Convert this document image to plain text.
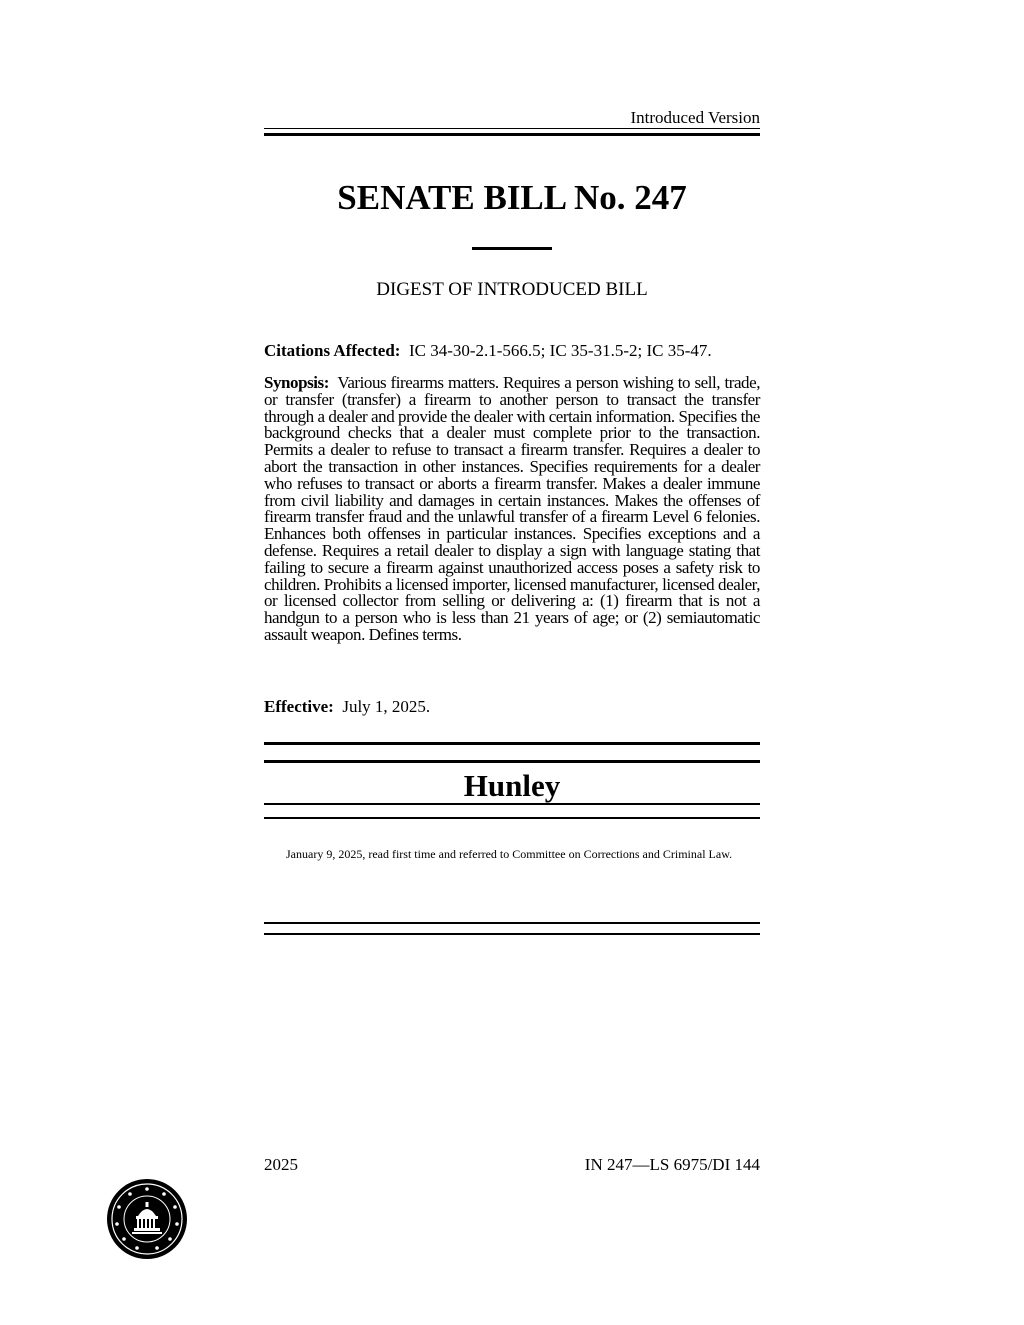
Introduced Version
SENATE BILL No. 247
DIGEST OF INTRODUCED BILL
Citations Affected: IC 34-30-2.1-566.5; IC 35-31.5-2; IC 35-47.
Synopsis: Various firearms matters. Requires a person wishing to sell, trade, or transfer (transfer) a firearm to another person to transact the transfer through a dealer and provide the dealer with certain information. Specifies the background checks that a dealer must complete prior to the transaction. Permits a dealer to refuse to transact a firearm transfer. Requires a dealer to abort the transaction in other instances. Specifies requirements for a dealer who refuses to transact or aborts a firearm transfer. Makes a dealer immune from civil liability and damages in certain instances. Makes the offenses of firearm transfer fraud and the unlawful transfer of a firearm Level 6 felonies. Enhances both offenses in particular instances. Specifies exceptions and a defense. Requires a retail dealer to display a sign with language stating that failing to secure a firearm against unauthorized access poses a safety risk to children. Prohibits a licensed importer, licensed manufacturer, licensed dealer, or licensed collector from selling or delivering a: (1) firearm that is not a handgun to a person who is less than 21 years of age; or (2) semiautomatic assault weapon. Defines terms.
Effective: July 1, 2025.
Hunley
January 9, 2025, read first time and referred to Committee on Corrections and Criminal Law.
2025	IN 247—LS 6975/DI 144
